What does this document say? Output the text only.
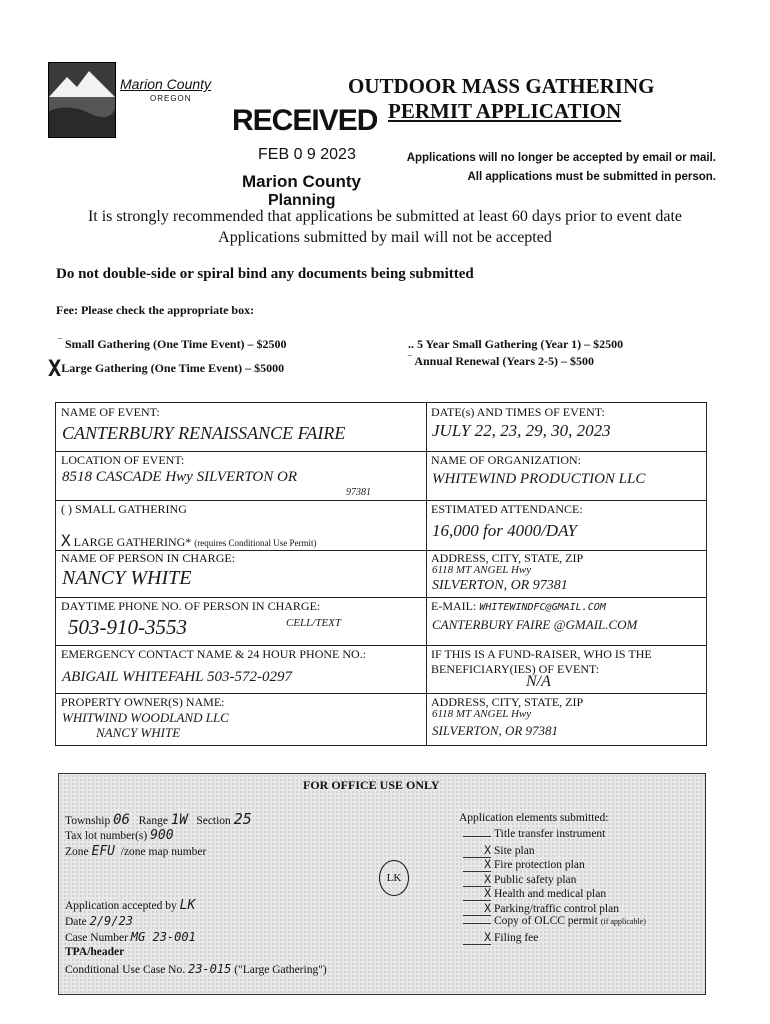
Marion County
OREGON
OUTDOOR MASS GATHERING
PERMIT APPLICATION
RECEIVED
FEB 0 9 2023
Marion County
Planning
Applications will no longer be accepted by email or mail.
All applications must be submitted in person.
It is strongly recommended that applications be submitted at least 60 days prior to event date
Applications submitted by mail will not be accepted
Do not double-side or spiral bind any documents being submitted
Fee: Please check the appropriate box:
‾ Small Gathering (One Time Event) – $2500
XLarge Gathering (One Time Event) – $5000
.. 5 Year Small Gathering (Year 1) – $2500
‾ Annual Renewal (Years 2-5) – $500
NAME OF EVENT:
CANTERBURY RENAISSANCE FAIRE
DATE(s) AND TIMES OF EVENT:
JULY 22, 23, 29, 30, 2023
LOCATION OF EVENT:
8518 CASCADE Hwy SILVERTON OR
97381
NAME OF ORGANIZATION:
WHITEWIND PRODUCTION LLC
( ) SMALL GATHERING
X LARGE GATHERING* (requires Conditional Use Permit)
ESTIMATED ATTENDANCE:
16,000 for 4000/DAY
NAME OF PERSON IN CHARGE:
NANCY WHITE
ADDRESS, CITY, STATE, ZIP
6118 MT ANGEL Hwy
SILVERTON, OR 97381
DAYTIME PHONE NO. OF PERSON IN CHARGE:
503-910-3553	CELL/TEXT
E-MAIL: WHITEWINDFC@GMAIL.COM
CANTERBURY FAIRE @GMAIL.COM
EMERGENCY CONTACT NAME & 24 HOUR PHONE NO.:
ABIGAIL WHITEFAHL 503-572-0297
IF THIS IS A FUND-RAISER, WHO IS THE BENEFICIARY(IES) OF EVENT:
N/A
PROPERTY OWNER(S) NAME:
WHITWIND WOODLAND LLC
NANCY WHITE
ADDRESS, CITY, STATE, ZIP
6118 MT ANGEL Hwy
SILVERTON, OR 97381
FOR OFFICE USE ONLY
Township 06 Range 1W Section 25
Tax lot number(s) 900
Zone EFU /zone map number
Application accepted by LK
Date 2/9/23
Case Number MG 23-001
TPA/header
Conditional Use Case No. 23-015 ("Large Gathering")
LK
Application elements submitted:
Title transfer instrument
X Site plan
X Fire protection plan
X Public safety plan
X Health and medical plan
X Parking/traffic control plan
Copy of OLCC permit (if applicable)
X Filing fee
